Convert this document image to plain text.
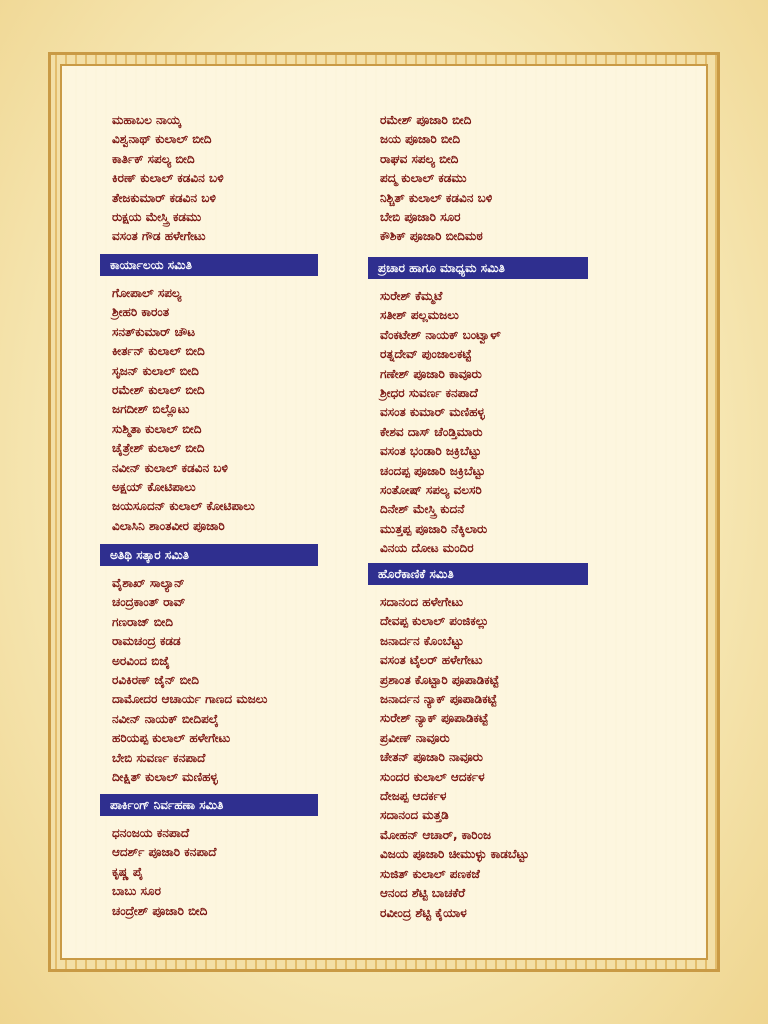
ಮಹಾಬಲ ನಾಯ್ಕ
ವಿಶ್ವನಾಥ್ ಕುಲಾಲ್ ಬೀದಿ
ಕಾರ್ತಿಕ್ ಸಪಲ್ಯ ಬೀದಿ
ಕಿರಣ್ ಕುಲಾಲ್ ಕಡವಿನ ಬಳಿ
ತೇಜಕುಮಾರ್ ಕಡವಿನ ಬಳಿ
ರುಕ್ಷಯ ಮೇಸ್ತ್ರಿ ಕಡಮು
ವಸಂತ ಗೌಡ ಹಳೇಗೇಟು
ಕಾರ್ಯಾಲಯ ಸಮಿತಿ
ಗೋಪಾಲ್ ಸಪಲ್ಯ
ಶ್ರೀಹರಿ ಕಾರಂತ
ಸನತ್‌ಕುಮಾರ್ ಚೌಟ
ಕೀರ್ತನ್ ಕುಲಾಲ್ ಬೀದಿ
ಸೃಜನ್ ಕುಲಾಲ್ ಬೀದಿ
ರಮೇಶ್ ಕುಲಾಲ್ ಬೀದಿ
ಜಗದೀಶ್ ಬಿಲ್ಲೊಟು
ಸುಶ್ಮಿತಾ ಕುಲಾಲ್ ಬೀದಿ
ಚೈತ್ರೇಶ್ ಕುಲಾಲ್ ಬೀದಿ
ನವೀನ್ ಕುಲಾಲ್ ಕಡವಿನ ಬಳಿ
ಅಕ್ಷಯ್ ಕೋಟಿಪಾಲು
ಜಯಸೂದನ್ ಕುಲಾಲ್ ಕೋಟಿಪಾಲು
ವಿಲಾಸಿನಿ ಶಾಂತವೀರ ಪೂಜಾರಿ
ಅತಿಥಿ ಸತ್ಕಾರ ಸಮಿತಿ
ವೈಶಾಖ್ ಸಾಲ್ಯಾನ್
ಚಂದ್ರಕಾಂತ್ ರಾವ್
ಗಣರಾಜ್ ಬೀದಿ
ರಾಮಚಂದ್ರ ಕಡಡ
ಅರವಿಂದ ಬಿಜೈ
ರವಿಕಿರಣ್ ಜೈನ್ ಬೀದಿ
ದಾಮೋದರ ಆಚಾರ್ಯ ಗಾಣದ ಮಜಲು
ನವೀನ್ ನಾಯಕ್ ಬೀದಿಪಲ್ಕೆ
ಹರಿಯಪ್ಪ ಕುಲಾಲ್ ಹಳೇಗೇಟು
ಬೇಬಿ ಸುವರ್ಣ ಕನಪಾದೆ
ದೀಕ್ಷಿತ್ ಕುಲಾಲ್ ಮಣಿಹಳ್ಳ
ಪಾರ್ಕಿಂಗ್ ನಿರ್ವಹಣಾ ಸಮಿತಿ
ಧನಂಜಯ ಕನಪಾದೆ
ಆದರ್ಶ್ ಪೂಜಾರಿ ಕನಪಾದೆ
ಕೃಷ್ಣ ಪೈ
ಬಾಬು ಸೂರ
ಚಂದ್ರೇಶ್ ಪೂಜಾರಿ ಬೀದಿ
ರಮೇಶ್ ಪೂಜಾರಿ ಬೀದಿ
ಜಯ ಪೂಜಾರಿ ಬೀದಿ
ರಾಘವ ಸಪಲ್ಯ ಬೀದಿ
ಪದ್ಮ ಕುಲಾಲ್ ಕಡಮು
ನಿಶ್ಚಿತ್ ಕುಲಾಲ್ ಕಡವಿನ ಬಳಿ
ಬೇಬಿ ಪೂಜಾರಿ ಸೂರ
ಕೌಶಿಕ್ ಪೂಜಾರಿ ಬೀದಿಮಠ
ಪ್ರಚಾರ ಹಾಗೂ ಮಾಧ್ಯಮ ಸಮಿತಿ
ಸುರೇಶ್ ಕೆಮ್ಮಟೆ
ಸತೀಶ್ ಪಲ್ಲಮಜಲು
ವೆಂಕಟೇಶ್ ನಾಯಕ್ ಬಂಟ್ವಾಳ್
ರತ್ನದೇವ್ ಪುಂಜಾಲಕಟ್ಟೆ
ಗಣೇಶ್ ಪೂಜಾರಿ ಕಾವೂರು
ಶ್ರೀಧರ ಸುವರ್ಣ ಕನಪಾದೆ
ವಸಂತ ಕುಮಾರ್ ಮಣಿಹಳ್ಳ
ಕೇಶವ ದಾಸ್ ಚೆಂಡ್ತಿಮಾರು
ವಸಂತ ಭಂಡಾರಿ ಜಕ್ರಿಬೆಟ್ಟು
ಚಂದಪ್ಪ ಪೂಜಾರಿ ಜಕ್ರಿಬೆಟ್ಟು
ಸಂತೋಷ್ ಸಪಲ್ಯ ವಲಸರಿ
ದಿನೇಶ್ ಮೇಸ್ತ್ರಿ ಕುದನೆ
ಮುತ್ತಪ್ಪ ಪೂಜಾರಿ ನೆಕ್ಕಿಲಾರು
ವಿನಯ ದೋಟ ಮಂದಿರ
ಹೊರೆಕಾಣಿಕೆ ಸಮಿತಿ
ಸದಾನಂದ ಹಳೇಗೇಟು
ದೇವಪ್ಪ ಕುಲಾಲ್ ಪಂಜಿಕಲ್ಲು
ಜನಾರ್ದನ ಕೊಂಬೆಟ್ಟು
ವಸಂತ ಟೈಲರ್ ಹಳೇಗೇಟು
ಪ್ರಶಾಂತ ಕೊಟ್ಟಾರಿ ಪೂಪಾಡಿಕಟ್ಟೆ
ಜನಾರ್ದನ ನ್ಯಾಕ್ ಪೂಪಾಡಿಕಟ್ಟೆ
ಸುರೇಶ್ ನ್ಯಾಕ್ ಪೂಪಾಡಿಕಟ್ಟೆ
ಪ್ರವೀಣ್ ನಾವೂರು
ಚೇತನ್ ಪೂಜಾರಿ ನಾವೂರು
ಸುಂದರ ಕುಲಾಲ್ ಆದರ್ಕಳ
ದೇಜಪ್ಪ ಆದರ್ಕಳ
ಸದಾನಂದ ಮತ್ತಡಿ
ಮೋಹನ್ ಆಚಾರ್, ಕಾರಿಂಜ
ವಿಜಯ ಪೂಜಾರಿ ಚೀಮುಳ್ಳು ಕಾಡಬೆಟ್ಟು
ಸುಜಿತ್ ಕುಲಾಲ್ ಪಣಕಜೆ
ಆನಂದ ಶೆಟ್ಟಿ ಬಾಚಕೆರೆ
ರವೀಂದ್ರ ಶೆಟ್ಟಿ ಕೈಯಾಳ
